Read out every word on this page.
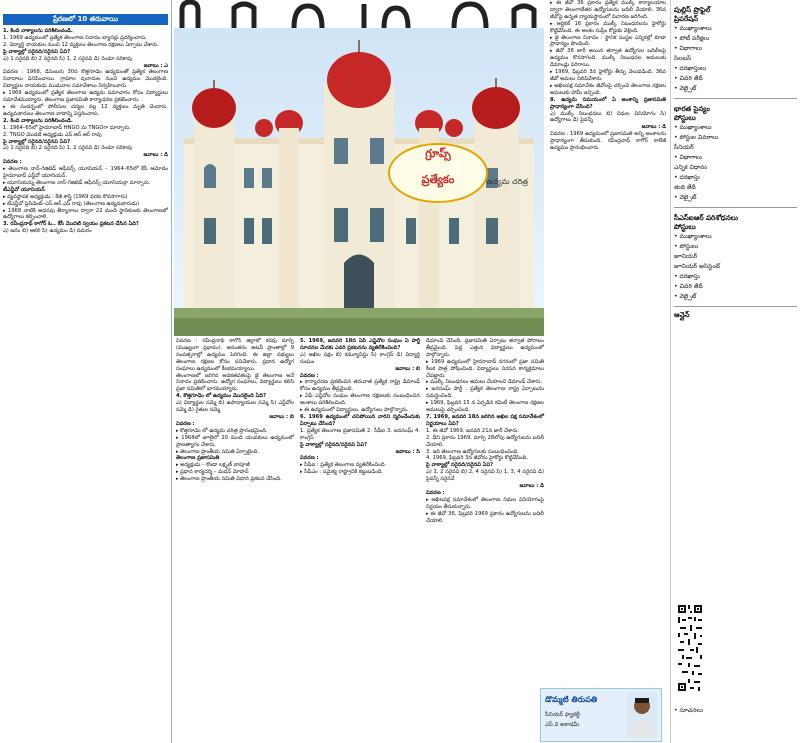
ప్రేరణలో 10 తరువాయి

1. కింది వాక్యాలను పరిశీలించండి.

1. 1969 ఉద్యమంలో ప్రత్యేక తెలంగాణ నినాదం బ్యానర్లు ప్రదర్శించారు.

2. విద్యార్థి నాయకుల నుంచి 12 వ్యక్తులు తెలంగాణ రక్షణలు ఏర్పాటు చేశారు.

పై వాక్యాల్లో సరైనది/సరైనవి ఏవి?

ఎ) 1 సరైనది బి) 2 సరైనది సి) 1, 2 సరైనవి డి) రెండూ సరికావు

జవాబు : ఎ

వివరణ : 1968, డిసెంబరు 30న కొత్తగూడెం ఉద్యమంతో ప్రత్యేక తెలంగాణ నినాదాలు వినిపించాయి. గ్రామాల పునాదుల నుంచి ఉద్యమం మొదలైంది. విద్యార్థుల నాయకుడు ముడువాల సమావేశాలు నిర్వహించారు.

▸ 1969 ఉద్యమంలో ప్రత్యేక తెలంగాణ ఉద్యమ సమాచారం కోసం విద్యార్థులు సమావేశమయ్యారు. తెలంగాణ ప్రజాసమితి కార్యాచరణ ప్రకటించారు.

▸ ఈ సందర్భంలో పోలీసుల చర్యల వల్ల 12 వ్యక్తులు మృతి చెందారు. ఉద్యమకారులు తెలంగాణ వాదాన్ని విస్తరించారు.

2. కింది వాక్యాలను పరిశీలించండి.

1. 1964–65లో హైదరాబాద్ HNGO ను TNGOగా మార్చారు.

2. TNGO మొదటి అధ్యక్షుడు ఎస్.ఆర్.ఆర్ రావు

పై వాక్యాల్లో సరైనది/సరైనవి ఏవి?

ఎ) 1 సరైనది బి) 2 సరైనది సి) 1, 2 సరైనవి డి) రెండూ సరికావు

జవాబు : డి

వివరణ :

▸ తెలంగాణ నాన్-గెజిటెడ్ ఆఫీసర్స్ యూనియన్ – 1964–65లో కేసీ ఆమోదం హైదరాబాద్ ఎన్జీవో యూనియన్.

▸ యూనియన్ను తెలంగాణ నాన్-గెజిటెడ్ ఆఫీసర్స్ యూనియన్గా మార్చారు.

టీఎన్జీవో యూనియన్

▸ వ్యవస్థాపక అధ్యక్షుడు : కేజీ శాస్త్రి (1969 వరకు కొనసాగారు)

▸ టీఎన్జీవో ప్రెసిడెంట్–ఎస్.ఆర్.ఎస్ రావు (తెలంగాణ ఉద్యమకారుడు)

▸ 1968 నాటికి అదనపు తీర్మానాలు ద్వారా 22 మంది స్థానికులకు తెలంగాణలో ఉద్యోగాలు కల్పించాలి.

3. రవీంద్రనాథ్ ఠాగోర్ ఓ.. కేసీ మొదటి స్వయం ప్రకటన చేసిన ఏది?

ఎ) జనం బి) ఆకలి సి) ఉద్యమం డి) సమరం

గ్రూప్స్
ప్రత్యేకం	ఉద్యమ చరిత్ర

వివరణ : రవీంద్రనాథ్ ఠాగోర్ జిల్లాలో కరవు మార్చి (ముఖ్యంగా ప్రభావం). అనంతరం అటవీ ప్రాంతాల్లో 9 సంవత్సరాల్లో ఉద్యమం పెరిగింది. ఈ జిల్లా సభ్యులు తెలంగాణ రక్షణల కోసం పనిచేశారు. ప్రధాన ఉద్యోగ సంఘాలు ఉద్యమంలో కీలకమయ్యాయి.

తెలంగాణలో జరిగిన అవకతవకలపై జై తెలంగాణ అనే నినాదం ప్రకటించారు. ఉద్యోగ సంఘాలు, విద్యార్థులు కలిసి ప్రజా సమితిలో భాగమయ్యారు.

4. కొత్తగూడెం లో ఉద్యమం మొదలైంది ఏది?

ఎ) విద్యార్థుల సమ్మె బి) ఉపాధ్యాయుల సమ్మె సి) ఎన్జీవోల సమ్మె డి) రైతుల సమ్మె

జవాబు : బి

వివరణ :

▸ కొత్తగూడెం లో ఉద్యమ చరిత్ర ప్రారంభమైంది.

▸ 1968లో జూలైలో 20 మంది యువకులు ఉద్యమంలో ప్రాణత్యాగం చేశారు.

▸ తెలంగాణ ప్రాంతీయ సమితి ఏర్పాటైంది.

తెలంగాణ ప్రజాసమితి

▸ అధ్యక్షుడు – కొండా లక్ష్మణ్ బాపూజీ

▸ ప్రధాన కార్యదర్శి – మదన్ మోహన్

▸ తెలంగాణ ప్రాంతీయ సమితి విధాన ప్రకటన చేసింది.

5. 1969, జనవరి 18న ఏపీ ఎన్జీవోల సంఘం ఏ పార్టీ సూచనల మేరకు ఎవరి ప్రకటనను వ్యతిరేకించింది?

ఎ) అఖిల పక్షం బి) కమ్యూనిస్టు సి) కాంగ్రెస్ డి) విద్యార్థి సంఘం

జవాబు : బి

వివరణ :

▸ కార్యాచరణ ప్రకటించిన తరువాత ప్రత్యేక రాష్ట్ర డిమాండ్ కోసం ఉద్యమం తీవ్రమైంది.

▸ ఏపీ ఎన్జీవోల సంఘం తెలంగాణ రక్షణలకు సంబంధించిన అంశాలు పరిశీలించింది.

▸ ఈ ఉద్యమంలో విద్యార్థులు, ఉద్యోగులు పాల్గొన్నారు.

6. 1969 ఉద్యమంలో చనిపోయిన వారిని స్మరించేందుకు ఏర్పాటు చేసింది?

1. ప్రత్యేక తెలంగాణ ప్రజాసమితి 2. సీపీఐ 3. జనసంఘ్ 4. కాంగ్రెస్

పై వాక్యాల్లో సరైనది/సరైనవి ఏవి?

జవాబు : సి

వివరణ :

▸ సీపీఐ : ప్రత్యేక తెలంగాణ వ్యతిరేకించింది.

▸ సీపీఎం : సమైక్య రాష్ట్రానికి కట్టుబడింది.

డిమాండ్ చేసింది. ప్రజాసమితి ఏర్పాటు తర్వాత పోరాటం తీవ్రమైంది. పెద్ద ఎత్తున విద్యార్థులు ఉద్యమంలో పాల్గొన్నారు.

▸ 1969 ఉద్యమంలో హైదరాబాద్ నగరంలో ప్రజా సమితి కీలక పాత్ర పోషించింది. విద్యార్థులు నిరసన కార్యక్రమాలు చేపట్టారు.

▸ ముల్కీ నిబంధనలు అమలు చేయాలని డిమాండ్ చేశారు.

▸ జనసంఘ్ పార్టీ : ప్రత్యేక తెలంగాణ రాష్ట్ర ఏర్పాటును సమర్థించింది.

▸ 1969, ఫిబ్రవరి 15 న ఏర్పడిన కమిటీ తెలంగాణ రక్షణల అమలుపై చర్చించింది.

7. 1969, జనవరి 18న జరిగిన అఖిల పక్ష సమావేశంలో నిర్ణయాలు ఏవి?

1. ఈ జీవో 1969, జనవరి 21న జారీ చేశారు.

2. దీని ప్రకారం 1969, మార్చి 28లోపు ఉద్యోగులను బదిలీ చేయాలి.

3. ఇది తెలంగాణ ఉద్యోగులకు సంబంధించింది.

4. 1969, ఫిబ్రవరి 3న జీవోను హైకోర్టు కొట్టివేసింది.

పై వాక్యాల్లో సరైనది/సరైనవి ఏవి?

ఎ) 1, 2 సరైనవి బి) 2, 4 సరైనవి సి) 1, 3, 4 సరైనవి డి) పైవన్నీ సరైనవే

జవాబు : డి

వివరణ :

▸ అఖిలపక్ష సమావేశంలో తెలంగాణ నిధుల వినియోగంపై నిర్ణయం తీసుకున్నారు.

▸ ఈ జీవో 36, ఫిబ్రవరి 1969 ప్రకారం ఉద్యోగులను బదిలీ చేయాలి.

▸ ఈ జీవో 36 ప్రకారం ప్రత్యేక ముల్కీ కార్యాలయాల ద్వారా తెలంగాణేతర ఉద్యోగులను బదిలీ చేయాలి. 36వ జీవోపై ఉన్నత న్యాయస్థానంలో విచారణ జరిగింది.

▸ ఆర్టికల్ 16 ప్రకారం ముల్కీ నిబంధనలను హైకోర్టు కొట్టివేసింది. ఈ అంశం సుప్రీం కోర్టుకు వెళ్లింది.

▸ జై తెలంగాణ నినాదం : స్థానిక సంస్థల ఎన్నికల్లో కూడా ప్రాధాన్యం పొందింది.

▸ జీవో 36 జారీ అయిన తర్వాత ఉద్యోగుల బదిలీలపై ఉద్యమం కొనసాగింది. ముల్కీ నిబంధనల అమలుకు డిమాండ్లు పెరిగాయి.

▸ 1969, ఫిబ్రవరి 3న హైకోర్టు తీర్పు వెలువడింది. 36వ జీవో అమలు నిలిపివేశారు.

▸ అఖిలపక్ష సమావేశం జీవోలపై చర్చించి తెలంగాణ రక్షణల అమలుకు హామీ ఇచ్చింది.

8. ఉద్యమ సమయంలో ఏ అంశాన్ని ప్రజాసమితి ప్రాధాన్యంగా చేసింది?

ఎ) ముల్కీ నిబంధనలు బి) నిధుల వినియోగం సి) ఉద్యోగాలు డి) పైవన్నీ

జవాబు : డి

వివరణ : 1969 ఉద్యమంలో ప్రజాసమితి అన్ని అంశాలను ప్రాధాన్యంగా తీసుకుంది. రవీంద్రనాథ్ ఠాగోర్ కాలేజీ ఉద్యమం ప్రారంభించారు.

డొమ్మటి తిరుపతి
సీనియర్ ఫ్యాకల్టీ
ఎస్ వి అకాడమీ
పుల్లిస్ ప్రొఫైల్
ప్రిపరేషన్
• ముఖ్యాంశాలు
• పోటీ పరీక్షలు
• విభాగాలు
సిలబస్
• దరఖాస్తులు
• చివరి తేదీ
• వెబ్సైట్
భారత సైన్యం
పోస్టులు
• ముఖ్యాంశాలు
• పోస్టుల వివరాలు
సీనియర్
• విభాగాలు
ఎన్నిక విధానం
• దరఖాస్తు
తుది తేదీ
• వెబ్సైట్
సీఎస్ఐఆర్ పరిశోధనలు
పోస్టులు
• ముఖ్యాంశాలు
• పోస్టులు
జూనియర్
జూనియర్ అసిస్టెంట్
• దరఖాస్తు
• చివరి తేదీ
• వెబ్సైట్
ఆన్లైన్
• సూచనలు
